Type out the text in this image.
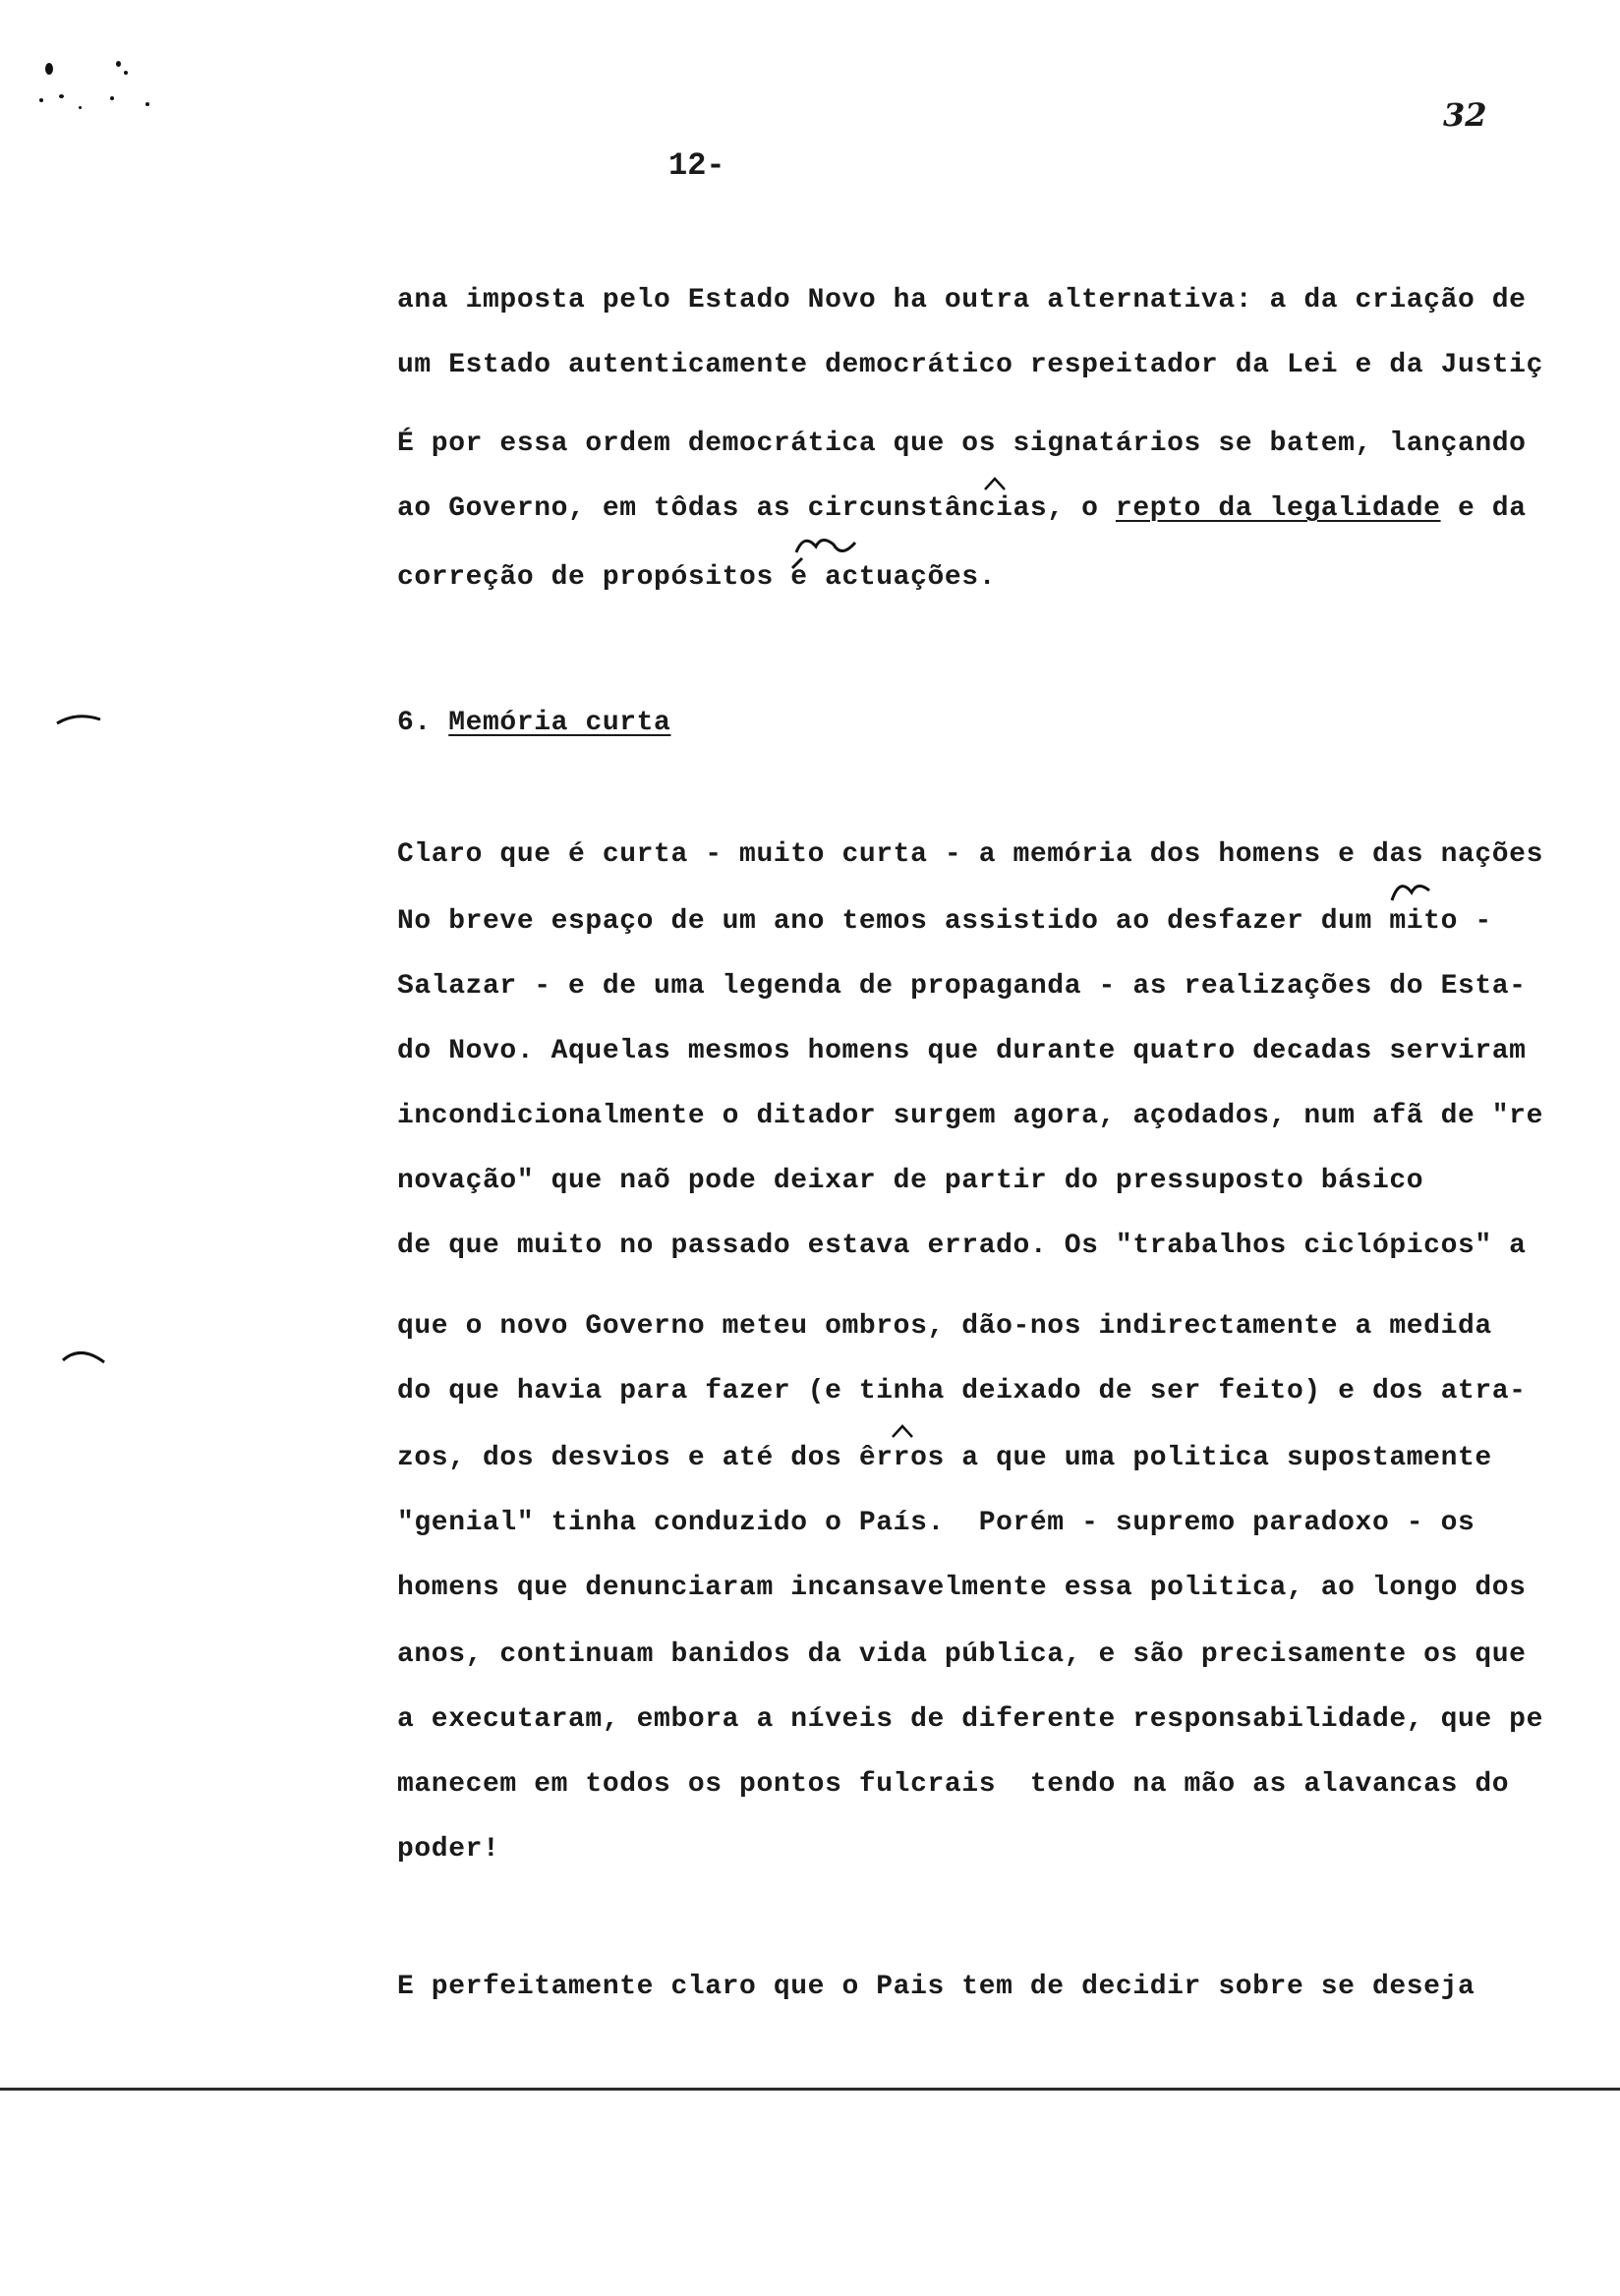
12-
32
ana imposta pelo Estado Novo ha outra alternativa: a da criação de
um Estado autenticamente democrático respeitador da Lei e da Justiç
É por essa ordem democrática que os signatários se batem, lançando
ao Governo, em tôdas as circunstâncias, o repto da legalidade e da
correção de propósitos e actuações.
6. Memória curta
Claro que é curta - muito curta - a memória dos homens e das nações
No breve espaço de um ano temos assistido ao desfazer dum mito -
Salazar - e de uma legenda de propaganda - as realizações do Esta-
do Novo. Aquelas mesmos homens que durante quatro decadas serviram
incondicionalmente o ditador surgem agora, açodados, num afã de "re
novação" que naõ pode deixar de partir do pressuposto básico
de que muito no passado estava errado. Os "trabalhos ciclópicos" a
que o novo Governo meteu ombros, dão-nos indirectamente a medida
do que havia para fazer (e tinha deixado de ser feito) e dos atra-
zos, dos desvios e até dos êrros a que uma politica supostamente
"genial" tinha conduzido o País.  Porém - supremo paradoxo - os
homens que denunciaram incansavelmente essa politica, ao longo dos
anos, continuam banidos da vida pública, e são precisamente os que
a executaram, embora a níveis de diferente responsabilidade, que pe
manecem em todos os pontos fulcrais  tendo na mão as alavancas do
poder!
E perfeitamente claro que o Pais tem de decidir sobre se deseja
